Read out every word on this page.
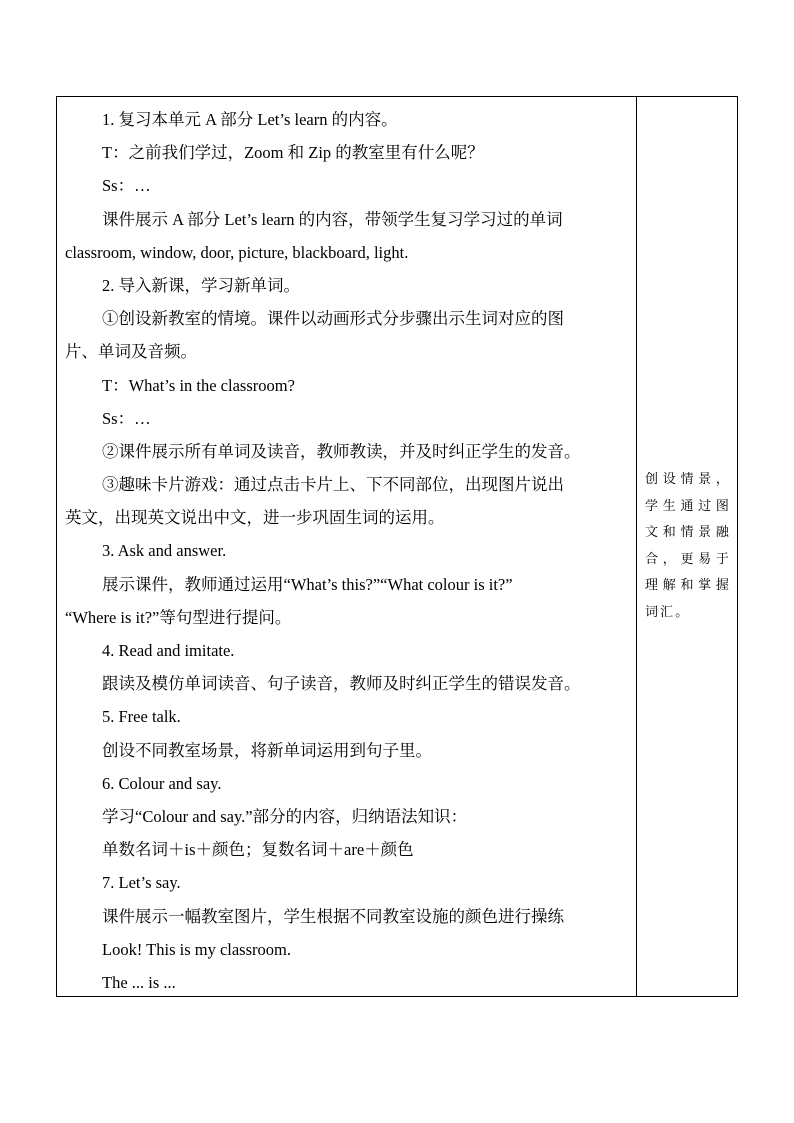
1. 复习本单元 A 部分 Let’s learn 的内容。
T：之前我们学过，Zoom 和 Zip 的教室里有什么呢？
Ss：…
课件展示 A 部分 Let’s learn 的内容，带领学生复习学习过的单词
classroom, window, door, picture, blackboard, light.
2. 导入新课，学习新单词。
①创设新教室的情境。课件以动画形式分步骤出示生词对应的图
片、单词及音频。
T：What’s in the classroom?
Ss：…
②课件展示所有单词及读音，教师教读，并及时纠正学生的发音。
③趣味卡片游戏：通过点击卡片上、下不同部位，出现图片说出
英文，出现英文说出中文，进一步巩固生词的运用。
3. Ask and answer.
展示课件，教师通过运用“What’s this?”“What colour is it?”
“Where is it?”等句型进行提问。
4. Read and imitate.
跟读及模仿单词读音、句子读音，教师及时纠正学生的错误发音。
5. Free talk.
创设不同教室场景，将新单词运用到句子里。
6. Colour and say.
学习“Colour and say.”部分的内容，归纳语法知识：
单数名词＋is＋颜色；复数名词＋are＋颜色
7. Let’s say.
课件展示一幅教室图片，学生根据不同教室设施的颜色进行操练
Look! This is my classroom.
The ... is ...
创设情景，学生通过图文和情景融合，更易于理解和掌握词汇。
